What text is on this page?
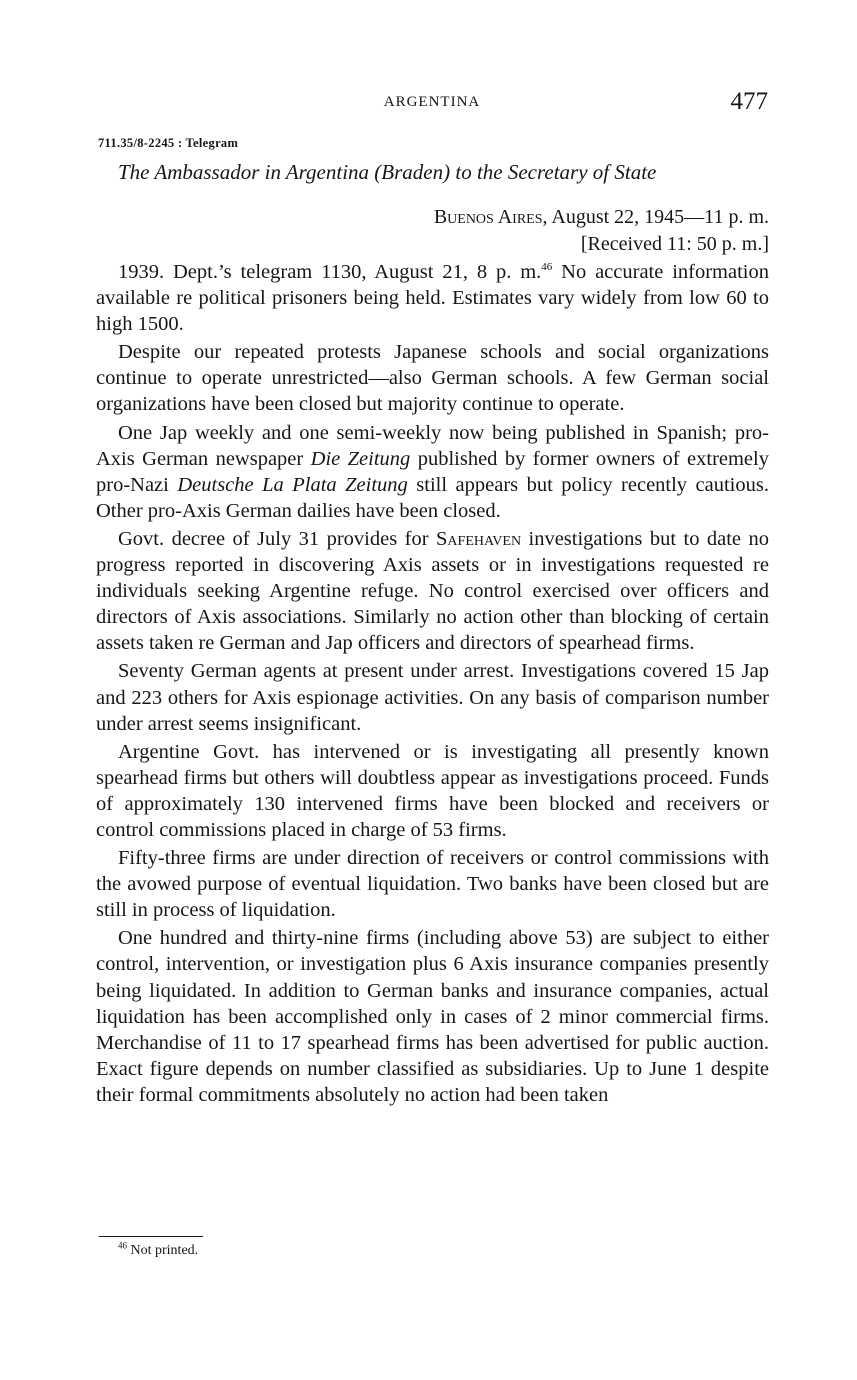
ARGENTINA	477
711.35/8-2245 : Telegram
The Ambassador in Argentina (Braden) to the Secretary of State
Buenos Aires, August 22, 1945—11 p. m.
[Received 11: 50 p. m.]

1939. Dept.’s telegram 1130, August 21, 8 p. m.$^{46}$ No accurate information available re political prisoners being held. Estimates vary widely from low 60 to high 1500.

Despite our repeated protests Japanese schools and social organizations continue to operate unrestricted—also German schools. A few German social organizations have been closed but majority continue to operate.

One Jap weekly and one semi-weekly now being published in Spanish; pro-Axis German newspaper Die Zeitung published by former owners of extremely pro-Nazi Deutsche La Plata Zeitung still appears but policy recently cautious. Other pro-Axis German dailies have been closed.

Govt. decree of July 31 provides for Safehaven investigations but to date no progress reported in discovering Axis assets or in investigations requested re individuals seeking Argentine refuge. No control exercised over officers and directors of Axis associations. Similarly no action other than blocking of certain assets taken re German and Jap officers and directors of spearhead firms.

Seventy German agents at present under arrest. Investigations covered 15 Jap and 223 others for Axis espionage activities. On any basis of comparison number under arrest seems insignificant.

Argentine Govt. has intervened or is investigating all presently known spearhead firms but others will doubtless appear as investigations proceed. Funds of approximately 130 intervened firms have been blocked and receivers or control commissions placed in charge of 53 firms.

Fifty-three firms are under direction of receivers or control commissions with the avowed purpose of eventual liquidation. Two banks have been closed but are still in process of liquidation.

One hundred and thirty-nine firms (including above 53) are subject to either control, intervention, or investigation plus 6 Axis insurance companies presently being liquidated. In addition to German banks and insurance companies, actual liquidation has been accomplished only in cases of 2 minor commercial firms. Merchandise of 11 to 17 spearhead firms has been advertised for public auction. Exact figure depends on number classified as subsidiaries. Up to June 1 despite their formal commitments absolutely no action had been taken

$^{46}$ Not printed.
